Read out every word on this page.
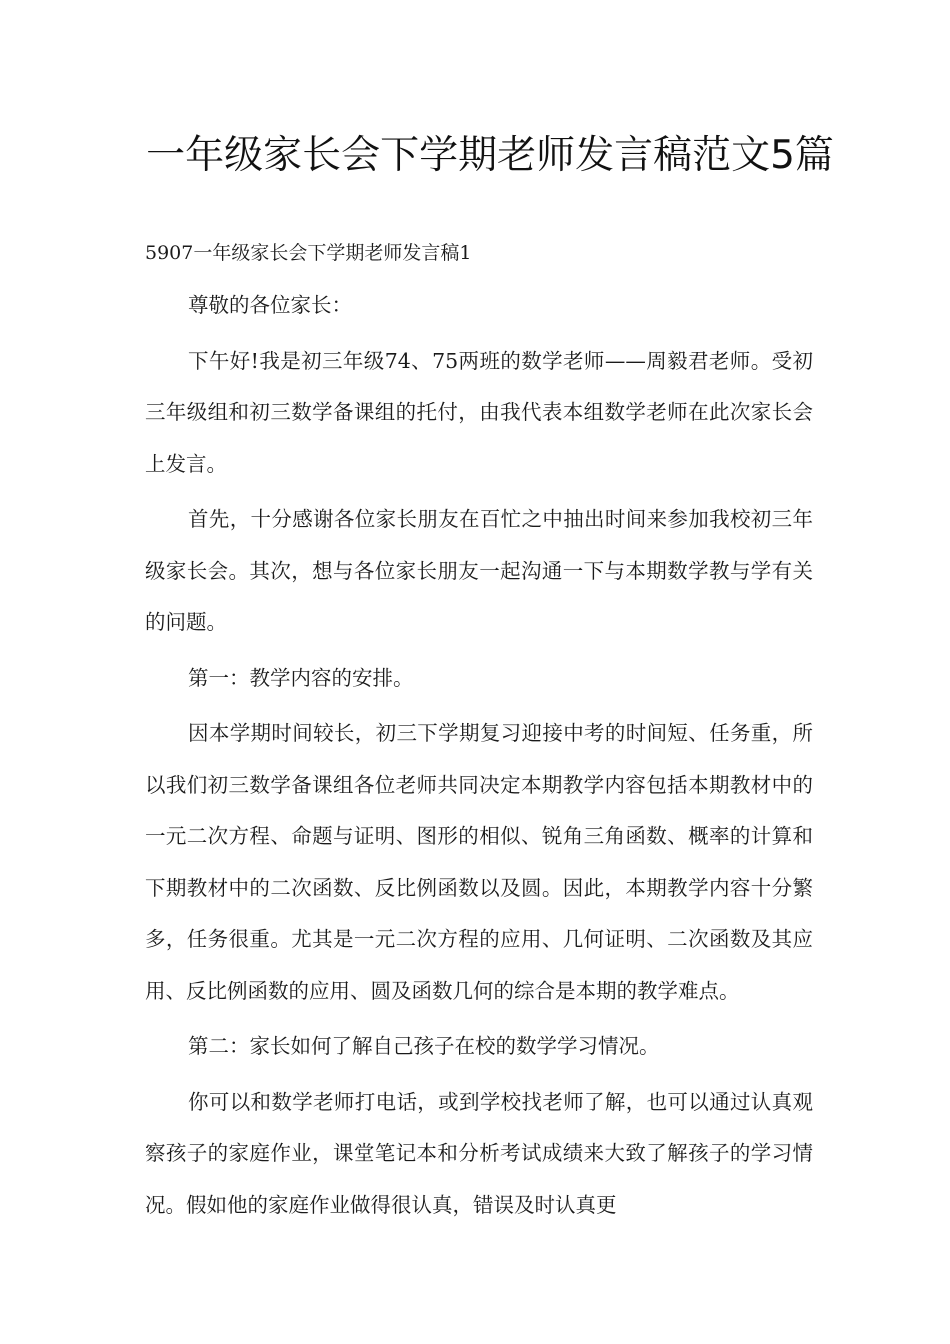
一年级家长会下学期老师发言稿范文5篇

5907一年级家长会下学期老师发言稿1

尊敬的各位家长：

下午好!我是初三年级74、75两班的数学老师——周毅君老师。受初三年级组和初三数学备课组的托付，由我代表本组数学老师在此次家长会上发言。

首先，十分感谢各位家长朋友在百忙之中抽出时间来参加我校初三年级家长会。其次，想与各位家长朋友一起沟通一下与本期数学教与学有关的问题。

第一：教学内容的安排。

因本学期时间较长，初三下学期复习迎接中考的时间短、任务重，所以我们初三数学备课组各位老师共同决定本期教学内容包括本期教材中的一元二次方程、命题与证明、图形的相似、锐角三角函数、概率的计算和下期教材中的二次函数、反比例函数以及圆。因此，本期教学内容十分繁多，任务很重。尤其是一元二次方程的应用、几何证明、二次函数及其应用、反比例函数的应用、圆及函数几何的综合是本期的教学难点。

第二：家长如何了解自己孩子在校的数学学习情况。

你可以和数学老师打电话，或到学校找老师了解，也可以通过认真观察孩子的家庭作业，课堂笔记本和分析考试成绩来大致了解孩子的学习情况。假如他的家庭作业做得很认真，错误及时认真更
